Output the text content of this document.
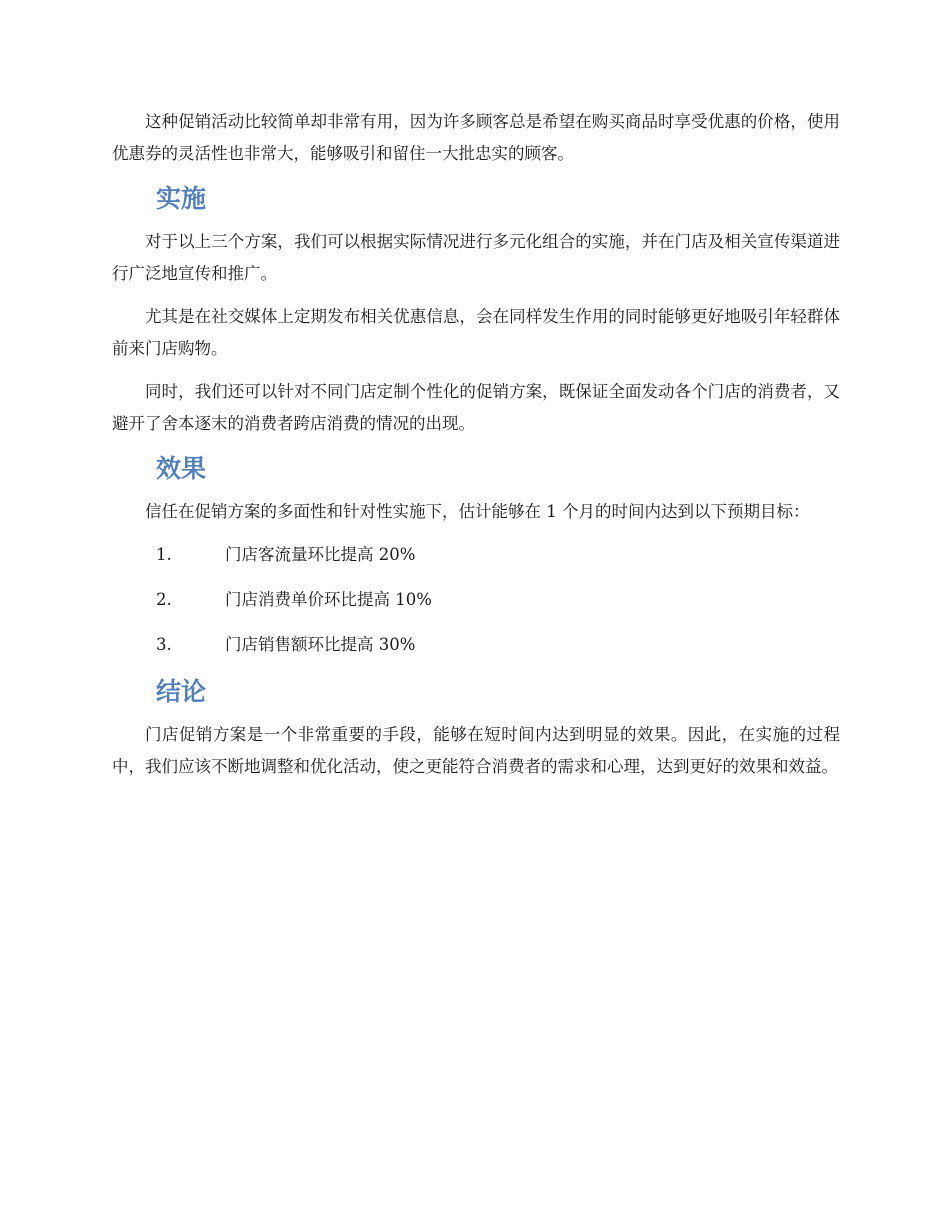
这种促销活动比较简单却非常有用，因为许多顾客总是希望在购买商品时享受优惠的价格，使用优惠券的灵活性也非常大，能够吸引和留住一大批忠实的顾客。

实施

对于以上三个方案，我们可以根据实际情况进行多元化组合的实施，并在门店及相关宣传渠道进行广泛地宣传和推广。

尤其是在社交媒体上定期发布相关优惠信息，会在同样发生作用的同时能够更好地吸引年轻群体前来门店购物。

同时，我们还可以针对不同门店定制个性化的促销方案，既保证全面发动各个门店的消费者，又避开了舍本逐末的消费者跨店消费的情况的出现。

效果

信任在促销方案的多面性和针对性实施下，估计能够在 1 个月的时间内达到以下预期目标：

1.	门店客流量环比提高 20%
2.	门店消费单价环比提高 10%
3.	门店销售额环比提高 30%
结论

门店促销方案是一个非常重要的手段，能够在短时间内达到明显的效果。因此，在实施的过程中，我们应该不断地调整和优化活动，使之更能符合消费者的需求和心理，达到更好的效果和效益。
